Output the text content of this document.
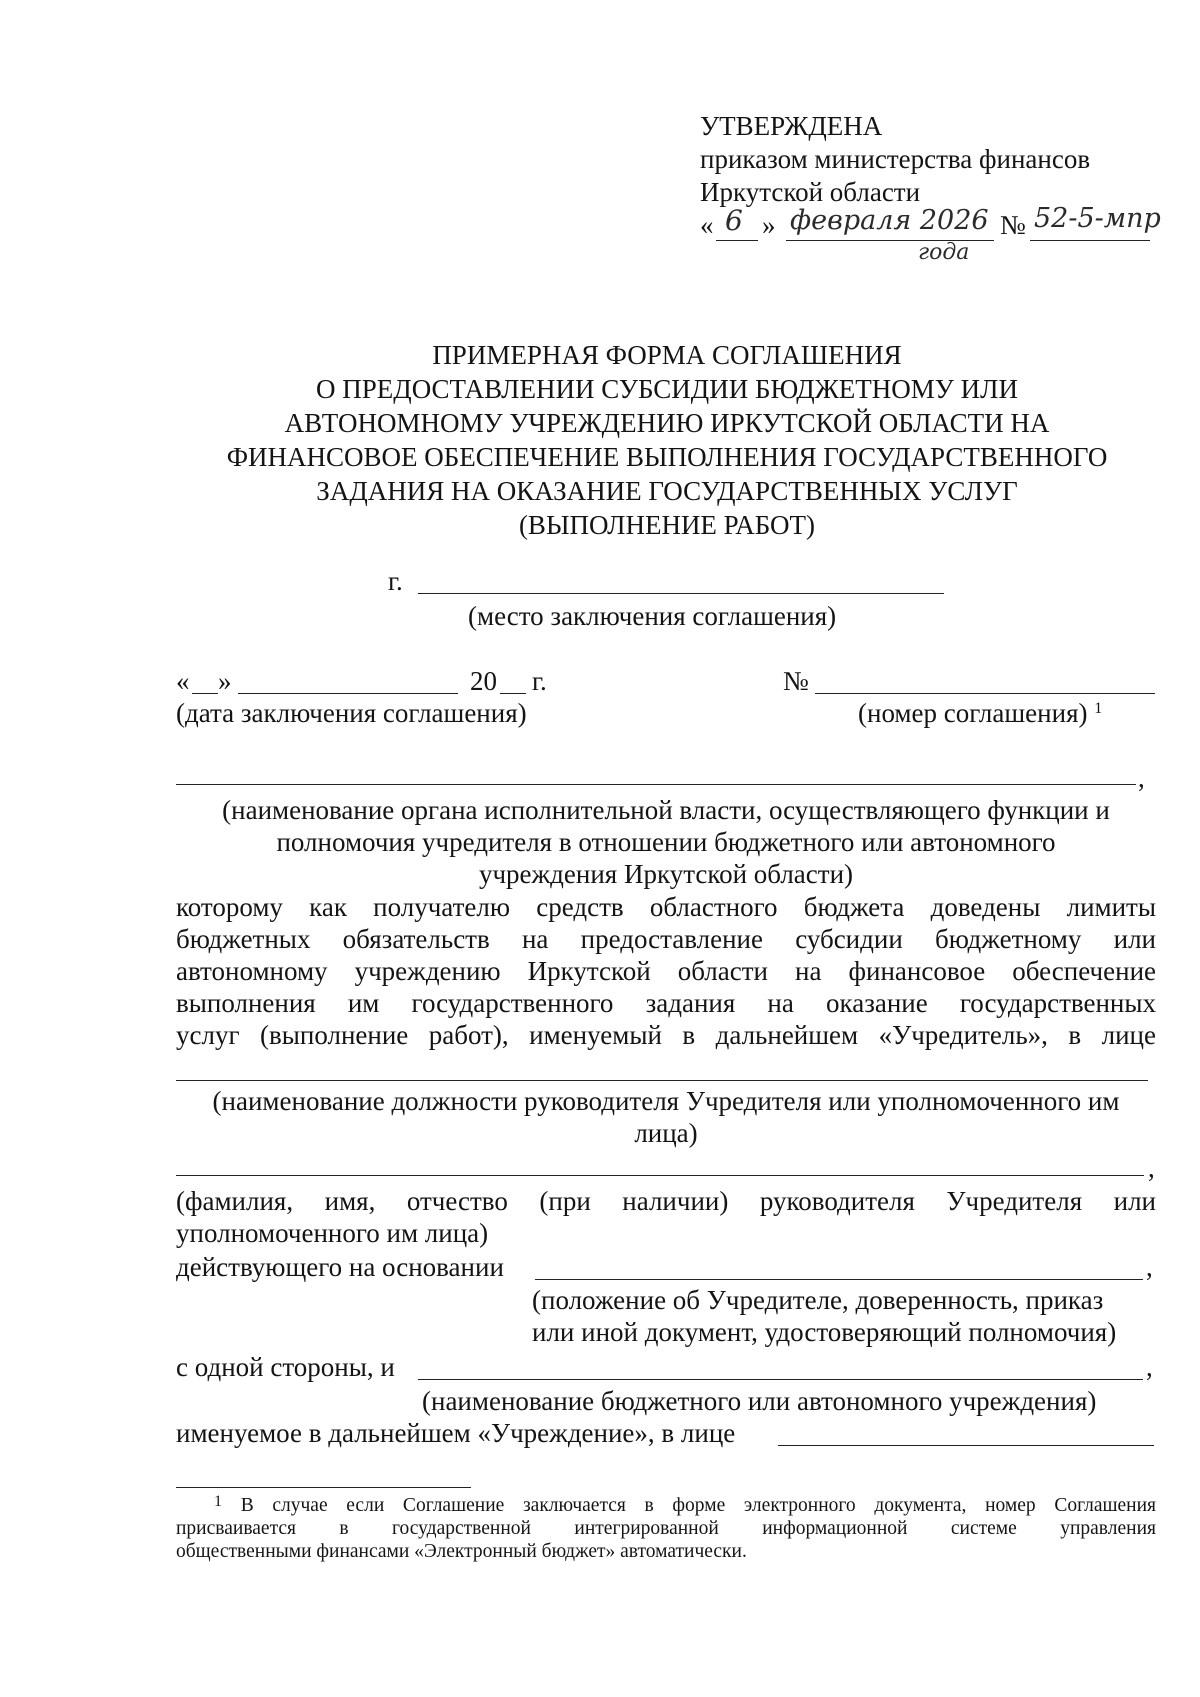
УТВЕРЖДЕНА
приказом министерства финансов
Иркутской области
« 6 » февраля 2026
года
№ 52-5-мпр
ПРИМЕРНАЯ ФОРМА СОГЛАШЕНИЯ
О ПРЕДОСТАВЛЕНИИ СУБСИДИИ БЮДЖЕТНОМУ ИЛИ
АВТОНОМНОМУ УЧРЕЖДЕНИЮ ИРКУТСКОЙ ОБЛАСТИ НА
ФИНАНСОВОЕ ОБЕСПЕЧЕНИЕ ВЫПОЛНЕНИЯ ГОСУДАРСТВЕННОГО
ЗАДАНИЯ НА ОКАЗАНИЕ ГОСУДАРСТВЕННЫХ УСЛУГ
(ВЫПОЛНЕНИЕ РАБОТ)
г.
(место заключения соглашения)
« »	20 г.
(дата заключения соглашения)
№
(номер соглашения) $^1$
,
(наименование органа исполнительной власти, осуществляющего функции и
полномочия учредителя в отношении бюджетного или автономного
учреждения Иркутской области)
которому как получателю средств областного бюджета доведены лимиты
бюджетных обязательств на предоставление субсидии бюджетному или
автономному учреждению Иркутской области на финансовое обеспечение
выполнения им государственного задания на оказание государственных
услуг (выполнение работ), именуемый в дальнейшем «Учредитель», в лице
(наименование должности руководителя Учредителя или уполномоченного им
лица)
,
(фамилия, имя, отчество (при наличии) руководителя Учредителя или
уполномоченного им лица)
действующего на основании	,
(положение об Учредителе, доверенность, приказ
или иной документ, удостоверяющий полномочия)
с одной стороны, и	,
(наименование бюджетного или автономного учреждения)
именуемое в дальнейшем «Учреждение», в лице
$^1$ В случае если Соглашение заключается в форме электронного документа, номер Соглашения
присваивается в государственной интегрированной информационной системе управления
общественными финансами «Электронный бюджет» автоматически.
